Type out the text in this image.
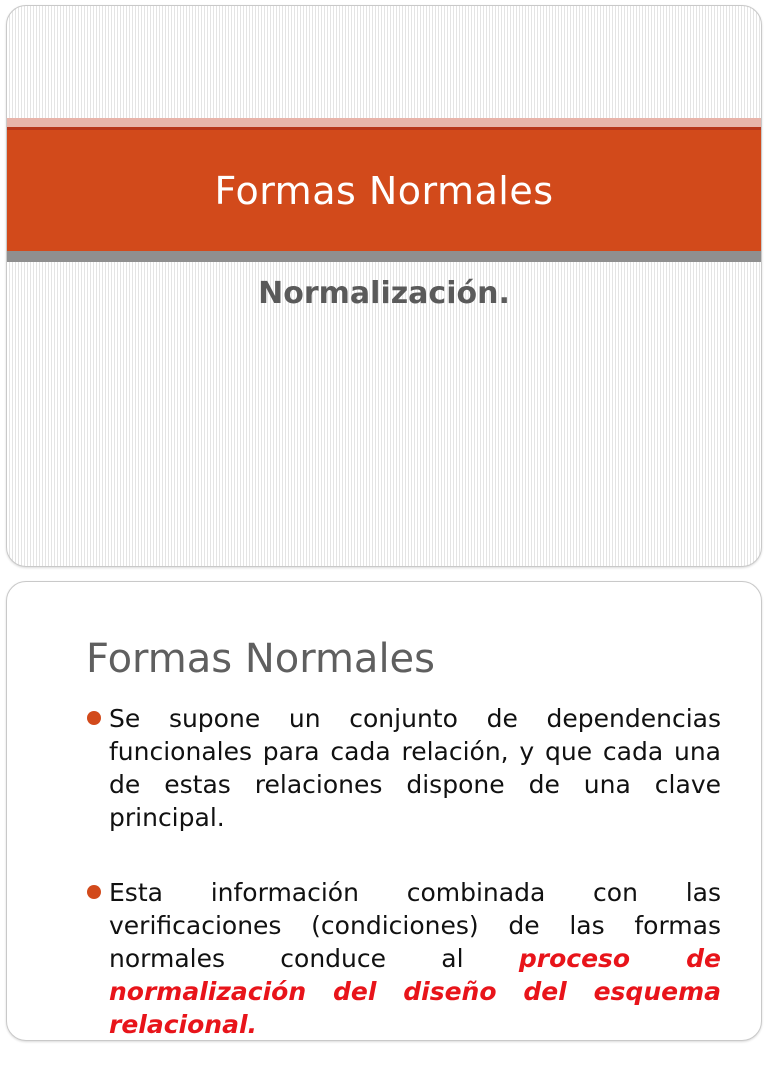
Formas Normales
Normalización.
Formas Normales
Se supone un conjunto de dependencias funcionales para cada relación, y que cada una de estas relaciones dispone de una clave principal.
Esta información combinada con las verificaciones (condiciones) de las formas normales conduce al proceso de normalización del diseño del esquema relacional.
